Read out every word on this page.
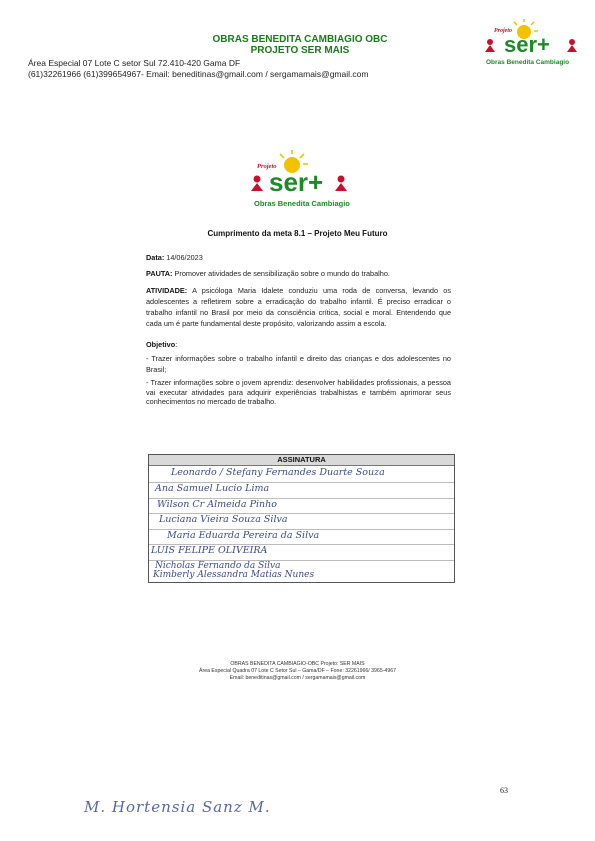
OBRAS BENEDITA CAMBIAGIO OBC
PROJETO SER MAIS
Área Especial 07 Lote C setor Sul 72.410-420 Gama DF
(61)32261966 (61)399654967- Email: beneditinas@gmail.com / sergamamais@gmail.com
Projeto
ser+
Obras Benedita Cambiagio
Projeto
ser+
Obras Benedita Cambiagio
Cumprimento da meta 8.1 – Projeto Meu Futuro
Data: 14/06/2023
PAUTA: Promover atividades de sensibilização sobre o mundo do trabalho.
ATIVIDADE: A psicóloga Maria Idalete conduziu uma roda de conversa, levando os adolescentes a refletirem sobre a erradicação do trabalho infantil. É preciso erradicar o trabalho infantil no Brasil por meio da consciência crítica, social e moral. Entendendo que cada um é parte fundamental deste propósito, valorizando assim a escola.
Objetivo:
- Trazer informações sobre o trabalho infantil e direito das crianças e dos adolescentes no Brasil;
- Trazer informações sobre o jovem aprendiz: desenvolver habilidades profissionais, a pessoa vai executar atividades para adquirir experiências trabalhistas e também aprimorar seus conhecimentos no mercado de trabalho.
ASSINATURA
Leonardo / Stefany Fernandes Duarte Souza
Ana Samuel Lucio Lima
Wilson Cr Almeida Pinho
Luciana Vieira Souza Silva
Maria Eduarda Pereira da Silva
LUIS FELIPE OLIVEIRA
Nicholas Fernando da Silva
Kimberly Alessandra Matias Nunes
OBRAS BENEDITA CAMBIAGIO-OBC Projeto: SER MAIS
Área Especial Quadra 07 Lote C Setor Sul – Gama/DF – Fone: 32261966/ 3965-4967
Email: beneditinas@gmail.com / sergamamais@gmail.com
63
M. Hortensia Sanz M.
